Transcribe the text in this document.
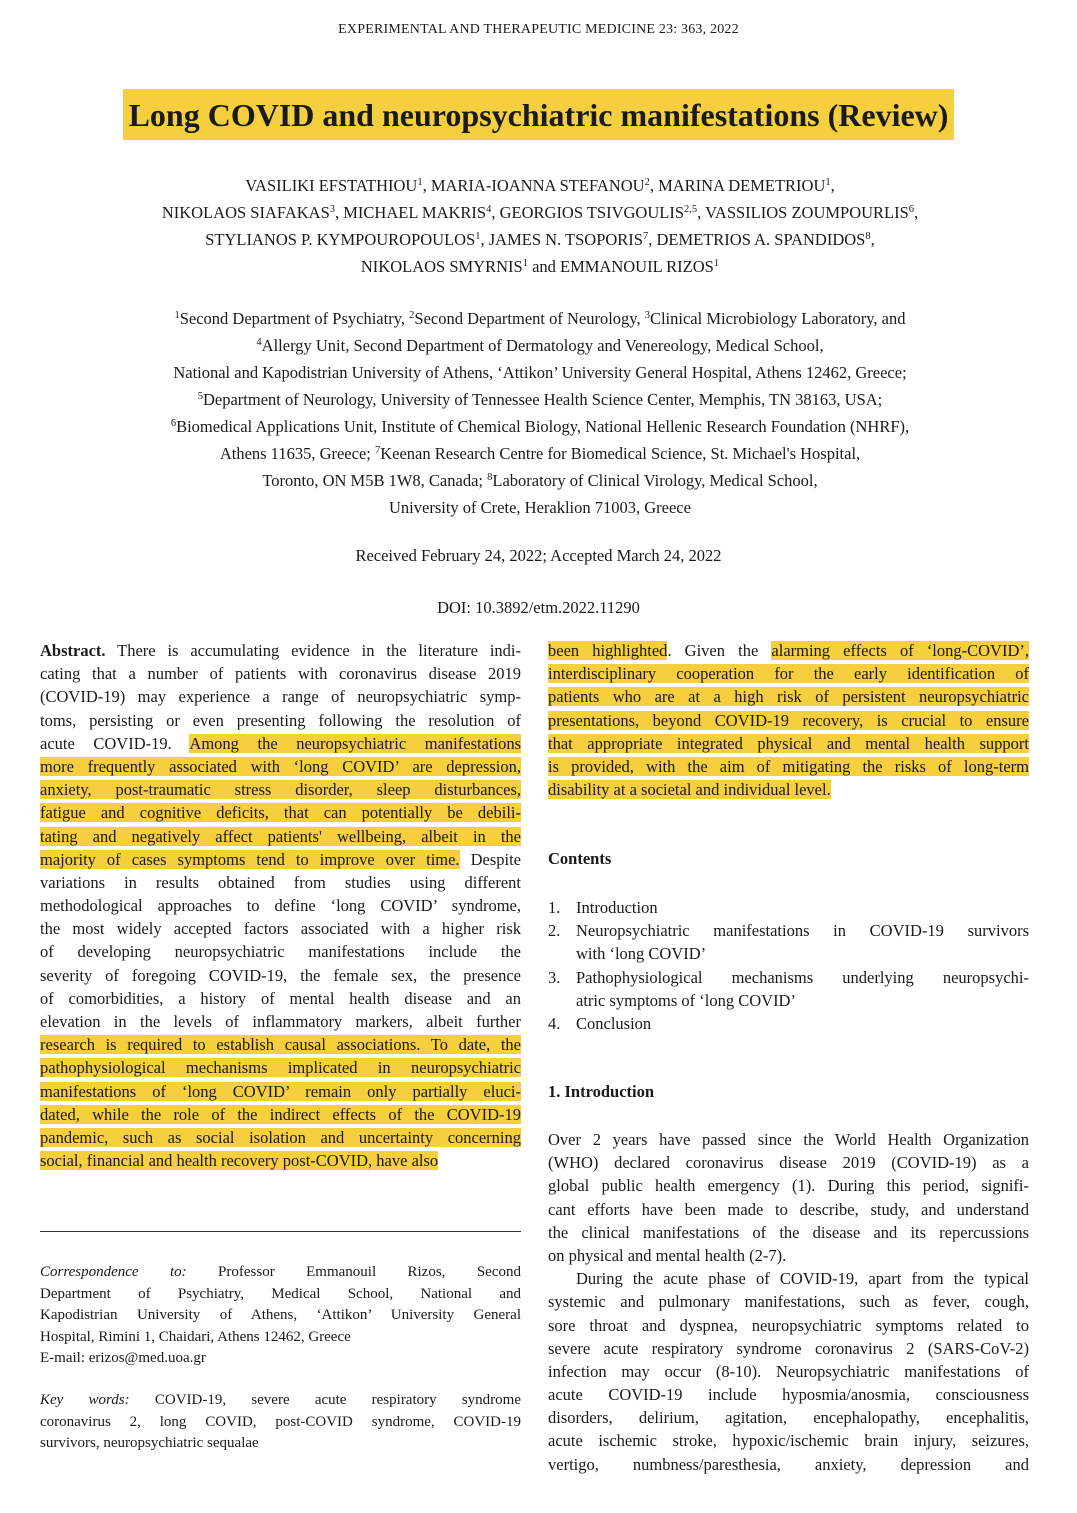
EXPERIMENTAL AND THERAPEUTIC MEDICINE 23: 363, 2022
Long COVID and neuropsychiatric manifestations (Review)
VASILIKI EFSTATHIOU$^1$, MARIA-IOANNA STEFANOU$^2$, MARINA DEMETRIOU$^1$,
NIKOLAOS SIAFAKAS$^3$, MICHAEL MAKRIS$^4$, GEORGIOS TSIVGOULIS$^{2,5}$, VASSILIOS ZOUMPOURLIS$^6$,
STYLIANOS P. KYMPOUROPOULOS$^1$, JAMES N. TSOPORIS$^7$, DEMETRIOS A. SPANDIDOS$^8$,
NIKOLAOS SMYRNIS$^1$ and EMMANOUIL RIZOS$^1$
$^1$Second Department of Psychiatry, $^2$Second Department of Neurology, $^3$Clinical Microbiology Laboratory, and
$^4$Allergy Unit, Second Department of Dermatology and Venereology, Medical School,
National and Kapodistrian University of Athens, ‘Attikon’ University General Hospital, Athens 12462, Greece;
$^5$Department of Neurology, University of Tennessee Health Science Center, Memphis, TN 38163, USA;
$^6$Biomedical Applications Unit, Institute of Chemical Biology, National Hellenic Research Foundation (NHRF),
Athens 11635, Greece; $^7$Keenan Research Centre for Biomedical Science, St. Michael's Hospital,
Toronto, ON M5B 1W8, Canada; $^8$Laboratory of Clinical Virology, Medical School,
University of Crete, Heraklion 71003, Greece
Received February 24, 2022; Accepted March 24, 2022
DOI: 10.3892/etm.2022.11290
Abstract. There is accumulating evidence in the literature indi-
cating that a number of patients with coronavirus disease 2019
(COVID-19) may experience a range of neuropsychiatric symp-
toms, persisting or even presenting following the resolution of
acute COVID-19. Among the neuropsychiatric manifestations
more frequently associated with ‘long COVID’ are depression,
anxiety, post-traumatic stress disorder, sleep disturbances,
fatigue and cognitive deficits, that can potentially be debili-
tating and negatively affect patients' wellbeing, albeit in the
majority of cases symptoms tend to improve over time. Despite
variations in results obtained from studies using different
methodological approaches to define ‘long COVID’ syndrome,
the most widely accepted factors associated with a higher risk
of developing neuropsychiatric manifestations include the
severity of foregoing COVID-19, the female sex, the presence
of comorbidities, a history of mental health disease and an
elevation in the levels of inflammatory markers, albeit further
research is required to establish causal associations. To date, the
pathophysiological mechanisms implicated in neuropsychiatric
manifestations of ‘long COVID’ remain only partially eluci-
dated, while the role of the indirect effects of the COVID-19
pandemic, such as social isolation and uncertainty concerning
social, financial and health recovery post-COVID, have also
been highlighted. Given the alarming effects of ‘long-COVID’,
interdisciplinary cooperation for the early identification of
patients who are at a high risk of persistent neuropsychiatric
presentations, beyond COVID-19 recovery, is crucial to ensure
that appropriate integrated physical and mental health support
is provided, with the aim of mitigating the risks of long-term
disability at a societal and individual level.
Correspondence to: Professor Emmanouil Rizos, Second
Department of Psychiatry, Medical School, National and
Kapodistrian University of Athens, ‘Attikon’ University General
Hospital, Rimini 1, Chaidari, Athens 12462, Greece
E-mail: erizos@med.uoa.gr
Key words: COVID-19, severe acute respiratory syndrome
coronavirus 2, long COVID, post-COVID syndrome, COVID-19
survivors, neuropsychiatric sequalae
Contents
1. Introduction
2. Neuropsychiatric manifestations in COVID-19 survivors
with ‘long COVID’
3. Pathophysiological mechanisms underlying neuropsychi-
atric symptoms of ‘long COVID’
4. Conclusion
1. Introduction
Over 2 years have passed since the World Health Organization
(WHO) declared coronavirus disease 2019 (COVID-19) as a
global public health emergency (1). During this period, signifi-
cant efforts have been made to describe, study, and understand
the clinical manifestations of the disease and its repercussions
on physical and mental health (2-7).
During the acute phase of COVID-19, apart from the typical
systemic and pulmonary manifestations, such as fever, cough,
sore throat and dyspnea, neuropsychiatric symptoms related to
severe acute respiratory syndrome coronavirus 2 (SARS-CoV-2)
infection may occur (8-10). Neuropsychiatric manifestations of
acute COVID-19 include hyposmia/anosmia, consciousness
disorders, delirium, agitation, encephalopathy, encephalitis,
acute ischemic stroke, hypoxic/ischemic brain injury, seizures,
vertigo, numbness/paresthesia, anxiety, depression and
